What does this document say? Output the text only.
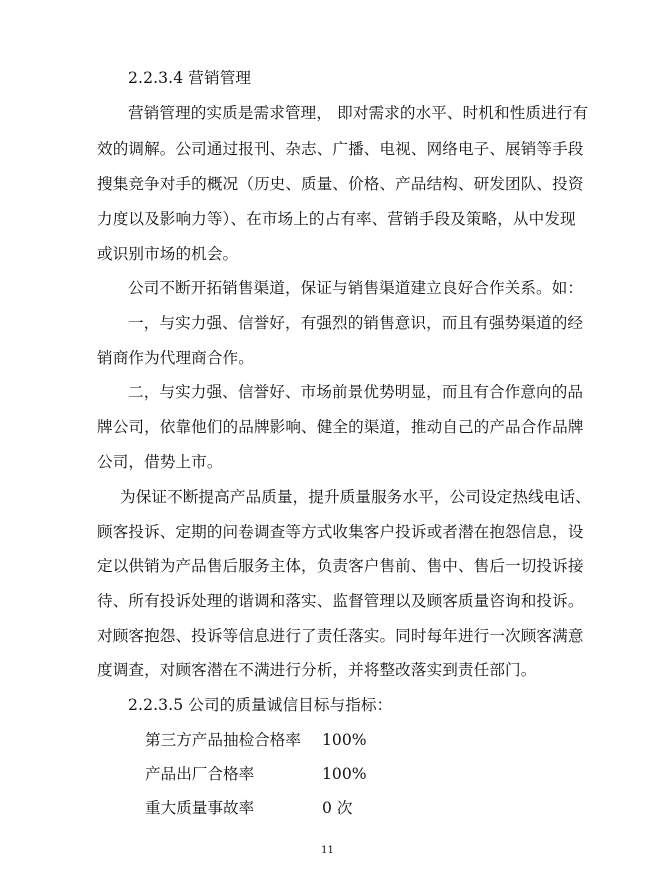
2.2.3.4 营销管理
营销管理的实质是需求管理， 即对需求的水平、时机和性质进行有
效的调解。公司通过报刊、杂志、广播、电视、网络电子、展销等手段
搜集竞争对手的概况（历史、质量、价格、产品结构、研发团队、投资
力度以及影响力等）、在市场上的占有率、营销手段及策略，从中发现
或识别市场的机会。
公司不断开拓销售渠道，保证与销售渠道建立良好合作关系。如：
一，与实力强、信誉好，有强烈的销售意识，而且有强势渠道的经
销商作为代理商合作。
二，与实力强、信誉好、市场前景优势明显，而且有合作意向的品
牌公司，依靠他们的品牌影响、健全的渠道，推动自己的产品合作品牌
公司，借势上市。
为保证不断提高产品质量，提升质量服务水平，公司设定热线电话、
顾客投诉、定期的问卷调查等方式收集客户投诉或者潜在抱怨信息，设
定以供销为产品售后服务主体，负责客户售前、售中、售后一切投诉接
待、所有投诉处理的谐调和落实、监督管理以及顾客质量咨询和投诉。
对顾客抱怨、投诉等信息进行了责任落实。同时每年进行一次顾客满意
度调查，对顾客潜在不满进行分析，并将整改落实到责任部门。
2.2.3.5 公司的质量诚信目标与指标：
第三方产品抽检合格率 100%
产品出厂合格率	100%
重大质量事故率	0 次
11
